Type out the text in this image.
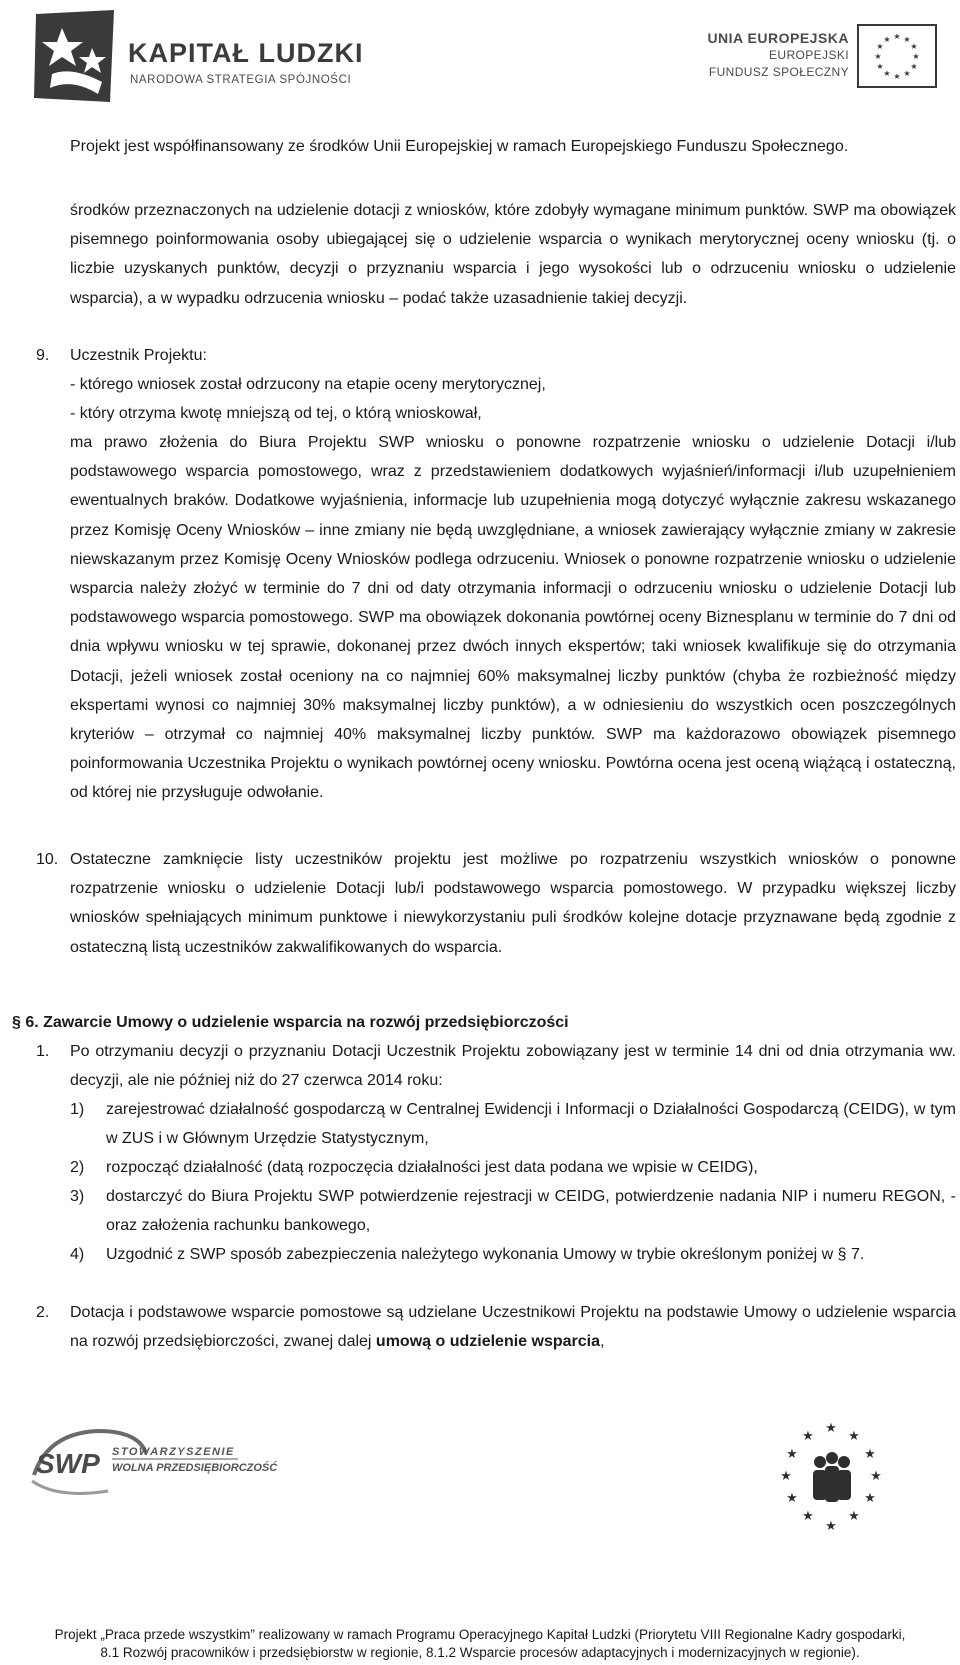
KAPITAŁ LUDZKI
NARODOWA STRATEGIA SPÓJNOŚCI
UNIA EUROPEJSKA
EUROPEJSKI
FUNDUSZ SPOŁECZNY
★ ★
★
★
★
★
★
★
★
★
★
★
Projekt jest współfinansowany ze środków Unii Europejskiej w ramach Europejskiego Funduszu Społecznego.
środków przeznaczonych na udzielenie dotacji z wniosków, które zdobyły wymagane minimum punktów. SWP ma obowiązek pisemnego poinformowania osoby ubiegającej się o udzielenie wsparcia o wynikach merytorycznej oceny wniosku (tj. o liczbie uzyskanych punktów, decyzji o przyznaniu wsparcia i jego wysokości lub o odrzuceniu wniosku o udzielenie wsparcia), a w wypadku odrzucenia wniosku – podać także uzasadnienie takiej decyzji.
9. Uczestnik Projektu:
- którego wniosek został odrzucony na etapie oceny merytorycznej,
- który otrzyma kwotę mniejszą od tej, o którą wnioskował,
ma prawo złożenia do Biura Projektu SWP wniosku o ponowne rozpatrzenie wniosku o udzielenie Dotacji i/lub podstawowego wsparcia pomostowego, wraz z przedstawieniem dodatkowych wyjaśnień/informacji i/lub uzupełnieniem ewentualnych braków. Dodatkowe wyjaśnienia, informacje lub uzupełnienia mogą dotyczyć wyłącznie zakresu wskazanego przez Komisję Oceny Wniosków – inne zmiany nie będą uwzględniane, a wniosek zawierający wyłącznie zmiany w zakresie niewskazanym przez Komisję Oceny Wniosków podlega odrzuceniu. Wniosek o ponowne rozpatrzenie wniosku o udzielenie wsparcia należy złożyć w terminie do 7 dni od daty otrzymania informacji o odrzuceniu wniosku o udzielenie Dotacji lub podstawowego wsparcia pomostowego. SWP ma obowiązek dokonania powtórnej oceny Biznesplanu w terminie do 7 dni od dnia wpływu wniosku w tej sprawie, dokonanej przez dwóch innych ekspertów; taki wniosek kwalifikuje się do otrzymania Dotacji, jeżeli wniosek został oceniony na co najmniej 60% maksymalnej liczby punktów (chyba że rozbieżność między ekspertami wynosi co najmniej 30% maksymalnej liczby punktów), a w odniesieniu do wszystkich ocen poszczególnych kryteriów – otrzymał co najmniej 40% maksymalnej liczby punktów. SWP ma każdorazowo obowiązek pisemnego poinformowania Uczestnika Projektu o wynikach powtórnej oceny wniosku. Powtórna ocena jest oceną wiążącą i ostateczną, od której nie przysługuje odwołanie.
10. Ostateczne zamknięcie listy uczestników projektu jest możliwe po rozpatrzeniu wszystkich wniosków o ponowne rozpatrzenie wniosku o udzielenie Dotacji lub/i podstawowego wsparcia pomostowego. W przypadku większej liczby wniosków spełniających minimum punktowe i niewykorzystaniu puli środków kolejne dotacje przyznawane będą zgodnie z ostateczną listą uczestników zakwalifikowanych do wsparcia.
§ 6. Zawarcie Umowy o udzielenie wsparcia na rozwój przedsiębiorczości
1. Po otrzymaniu decyzji o przyznaniu Dotacji Uczestnik Projektu zobowiązany jest w terminie 14 dni od dnia otrzymania ww. decyzji, ale nie później niż do 27 czerwca 2014 roku:
1) zarejestrować działalność gospodarczą w Centralnej Ewidencji i Informacji o Działalności Gospodarczą (CEIDG), w tym w ZUS i w Głównym Urzędzie Statystycznym,
2) rozpocząć działalność (datą rozpoczęcia działalności jest data podana we wpisie w CEIDG),
3) dostarczyć do Biura Projektu SWP potwierdzenie rejestracji w CEIDG, potwierdzenie nadania NIP i numeru REGON, -oraz założenia rachunku bankowego,
4) Uzgodnić z SWP sposób zabezpieczenia należytego wykonania Umowy w trybie określonym poniżej w § 7.
2. Dotacja i podstawowe wsparcie pomostowe są udzielane Uczestnikowi Projektu na podstawie Umowy o udzielenie wsparcia na rozwój przedsiębiorczości, zwanej dalej umową o udzielenie wsparcia,
SWP STOWARZYSZENIE
WOLNA PRZEDSIĘBIORCZOŚĆ
★
★
★
★
★
★
★
★
★
★
★
★
Projekt „Praca przede wszystkim” realizowany w ramach Programu Operacyjnego Kapitał Ludzki (Priorytetu VIII Regionalne Kadry gospodarki,
8.1 Rozwój pracowników i przedsiębiorstw w regionie, 8.1.2 Wsparcie procesów adaptacyjnych i modernizacyjnych w regionie).
